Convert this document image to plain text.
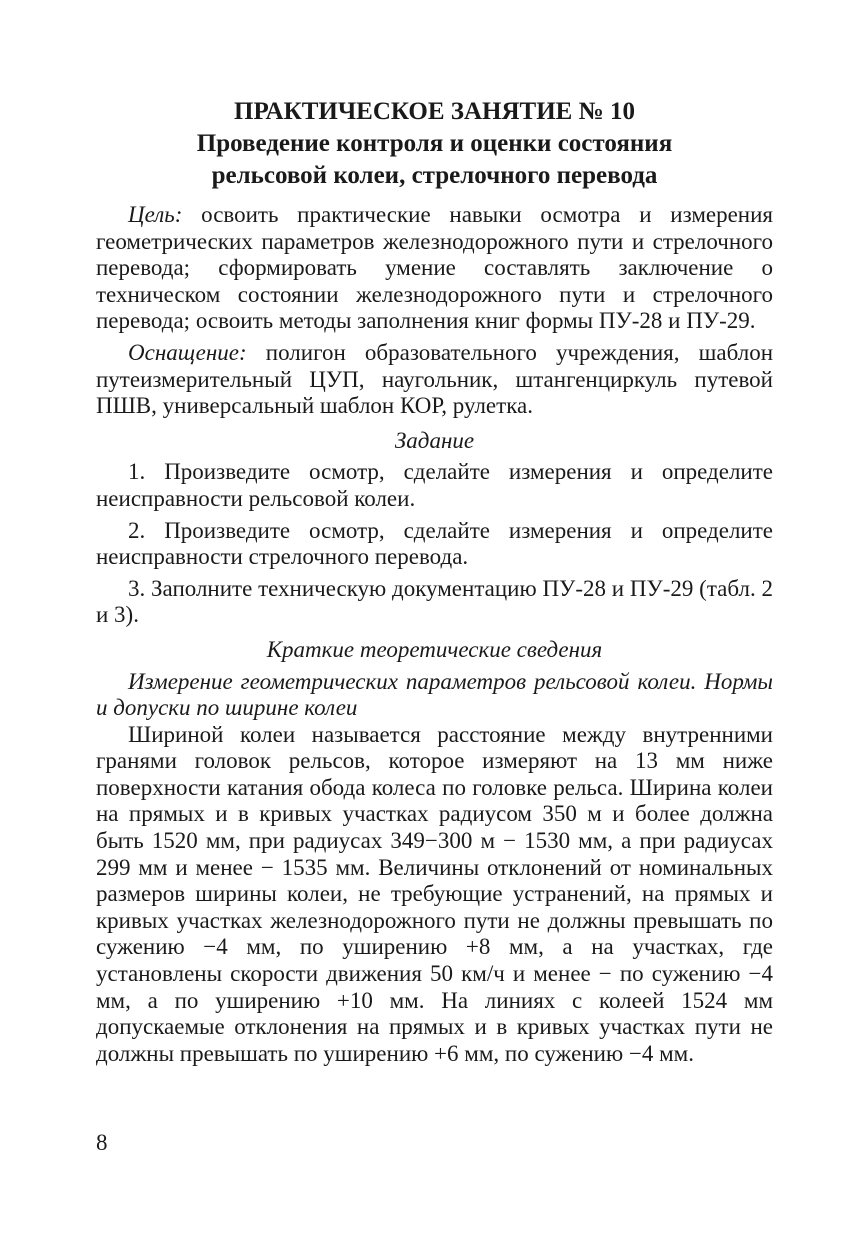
ПРАКТИЧЕСКОЕ ЗАНЯТИЕ № 10
Проведение контроля и оценки состояния
рельсовой колеи, стрелочного перевода

Цель: освоить практические навыки осмотра и измерения геометрических параметров железнодорожного пути и стрелочного перевода; сформировать умение составлять заключение о техническом состоянии железнодорожного пути и стрелочного перевода; освоить методы заполнения книг формы ПУ-28 и ПУ-29.

Оснащение: полигон образовательного учреждения, шаблон путеизмерительный ЦУП, наугольник, штангенциркуль путевой ПШВ, универсальный шаблон КОР, рулетка.

Задание

1. Произведите осмотр, сделайте измерения и определите неисправности рельсовой колеи.

2. Произведите осмотр, сделайте измерения и определите неисправности стрелочного перевода.

3. Заполните техническую документацию ПУ-28 и ПУ-29 (табл. 2 и 3).

Краткие теоретические сведения

Измерение геометрических параметров рельсовой колеи. Нормы и допуски по ширине колеи

Шириной колеи называется расстояние между внутренними гранями головок рельсов, которое измеряют на 13 мм ниже поверхности катания обода колеса по головке рельса. Ширина колеи на прямых и в кривых участках радиусом 350 м и более должна быть 1520 мм, при радиусах 349−300 м − 1530 мм, а при радиусах 299 мм и менее − 1535 мм. Величины отклонений от номинальных размеров ширины колеи, не требующие устранений, на прямых и кривых участках железнодорожного пути не должны превышать по сужению −4 мм, по уширению +8 мм, а на участках, где установлены скорости движения 50 км/ч и менее − по сужению −4 мм, а по уширению +10 мм. На линиях с колеей 1524 мм допускаемые отклонения на прямых и в кривых участках пути не должны превышать по уширению +6 мм, по сужению −4 мм.

8
